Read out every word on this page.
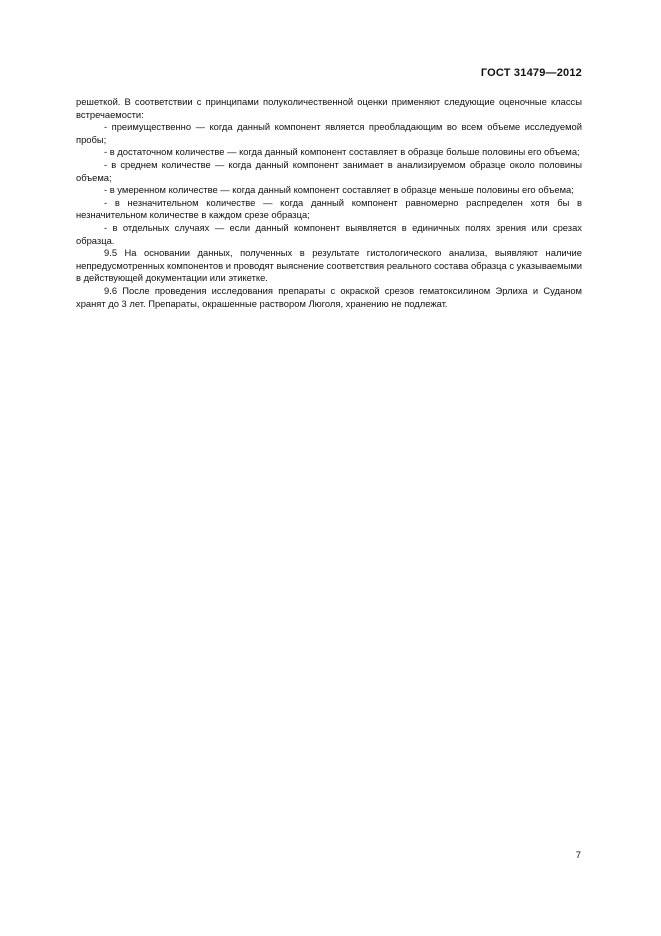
ГОСТ 31479—2012

решеткой. В соответствии с принципами полуколичественной оценки применяют следующие оценочные классы встречаемости:

- преимущественно — когда данный компонент является преобладающим во всем объеме исследуемой пробы;

- в достаточном количестве — когда данный компонент составляет в образце больше половины его объема;

- в среднем количестве — когда данный компонент занимает в анализируемом образце около половины объема;

- в умеренном количестве — когда данный компонент составляет в образце меньше половины его объема;

- в незначительном количестве — когда данный компонент равномерно распределен хотя бы в незначительном количестве в каждом срезе образца;

- в отдельных случаях — если данный компонент выявляется в единичных полях зрения или срезах образца.

9.5 На основании данных, полученных в результате гистологического анализа, выявляют наличие непредусмотренных компонентов и проводят выяснение соответствия реального состава образца с указываемыми в действующей документации или этикетке.

9.6 После проведения исследования препараты с окраской срезов гематоксилином Эрлиха и Суданом хранят до 3 лет. Препараты, окрашенные раствором Люголя, хранению не подлежат.

7
